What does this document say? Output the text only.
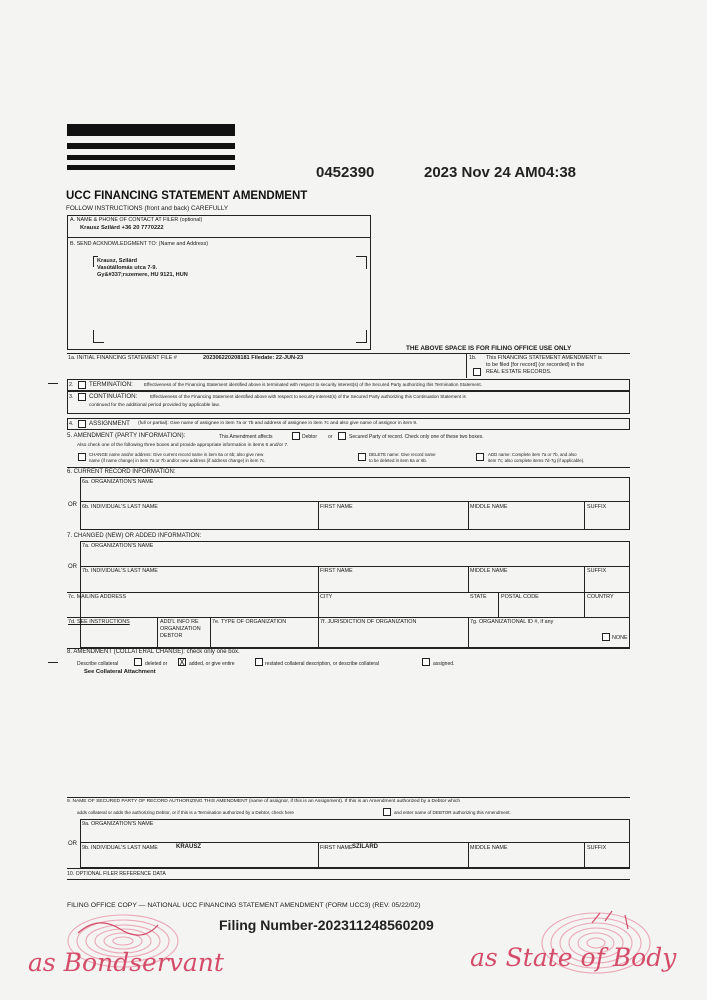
0452390	2023 Nov 24 AM04:38
UCC FINANCING STATEMENT AMENDMENT
FOLLOW INSTRUCTIONS (front and back) CAREFULLY
A. NAME & PHONE OF CONTACT AT FILER (optional)
Krausz Szilárd +36 20 7770222
B. SEND ACKNOWLEDGMENT TO: (Name and Address)
Krausz, Szilárd
Vasútállomás utca 7-9.
Gy&#337;rszemere, HU 9121, HUN
THE ABOVE SPACE IS FOR FILING OFFICE USE ONLY
1a. INITIAL FINANCING STATEMENT FILE #	202306220208181 Filedate: 22-JUN-23	1b. This FINANCING STATEMENT AMENDMENT is
to be filed [for record] (or recorded) in the
REAL ESTATE RECORDS.
2.	TERMINATION: Effectiveness of the Financing Statement identified above is terminated with respect to security interest(s) of the Secured Party authorizing this Termination Statement.
3.	CONTINUATION:	Effectiveness of the Financing Statement identified above with respect to security interest(s) of the Secured Party authorizing this Continuation Statement is
continued for the additional period provided by applicable law.
4.	ASSIGNMENT (full or partial): Give name of assignee in item 7a or 7b and address of assignee in item 7c and also give name of assignor in item 9.
5. AMENDMENT (PARTY INFORMATION):	This Amendment affects	Debtor or	Secured Party of record. Check only one of these two boxes.
Also check one of the following three boxes and provide appropriate information in items 6 and/or 7.
CHANGE name and/or address: Give current record name in item 6a or 6b; also give new
name (if name change) in item 7a or 7b and/or new address (if address change) in item 7c.
DELETE name: Give record name
to be deleted in item 6a or 6b.
ADD name: Complete item 7a or 7b, and also
item 7c; also complete items 7d-7g (if applicable).
6. CURRENT RECORD INFORMATION:
6a. ORGANIZATION'S NAME
OR 6b. INDIVIDUAL'S LAST NAME	FIRST NAME	MIDDLE NAME	SUFFIX
7. CHANGED (NEW) OR ADDED INFORMATION:
7a. ORGANIZATION'S NAME
OR
7b. INDIVIDUAL'S LAST NAME	FIRST NAME	MIDDLE NAME	SUFFIX
7c. MAILING ADDRESS	CITY	STATE	POSTAL CODE	COUNTRY
7d. SEE INSTRUCTIONS	ADD'L INFO RE
ORGANIZATION
DEBTOR
7e. TYPE OF ORGANIZATION	7f. JURISDICTION OF ORGANIZATION	7g. ORGANIZATIONAL ID #, if any
NONE
8. AMENDMENT (COLLATERAL CHANGE): check only one box.
Describe collateral	deleted or X added, or give entire	restated collateral description, or describe collateral	assigned.
See Collateral Attachment
9. NAME OF SECURED PARTY OF RECORD AUTHORIZING THIS AMENDMENT (name of assignor, if this is an Assignment). If this is an Amendment authorized by a Debtor which
adds collateral or adds the authorizing Debtor, or if this is a Termination authorized by a Debtor, check here	and enter name of DEBTOR authorizing this Amendment.
9a. ORGANIZATION'S NAME
OR
9b. INDIVIDUAL'S LAST NAME	KRAUSZ	FIRST NAME SZILARD	MIDDLE NAME	SUFFIX
10. OPTIONAL FILER REFERENCE DATA
FILING OFFICE COPY — NATIONAL UCC FINANCING STATEMENT AMENDMENT (FORM UCC3) (REV. 05/22/02)
Filing Number-202311248560209
as Bondservant	as State of Body
